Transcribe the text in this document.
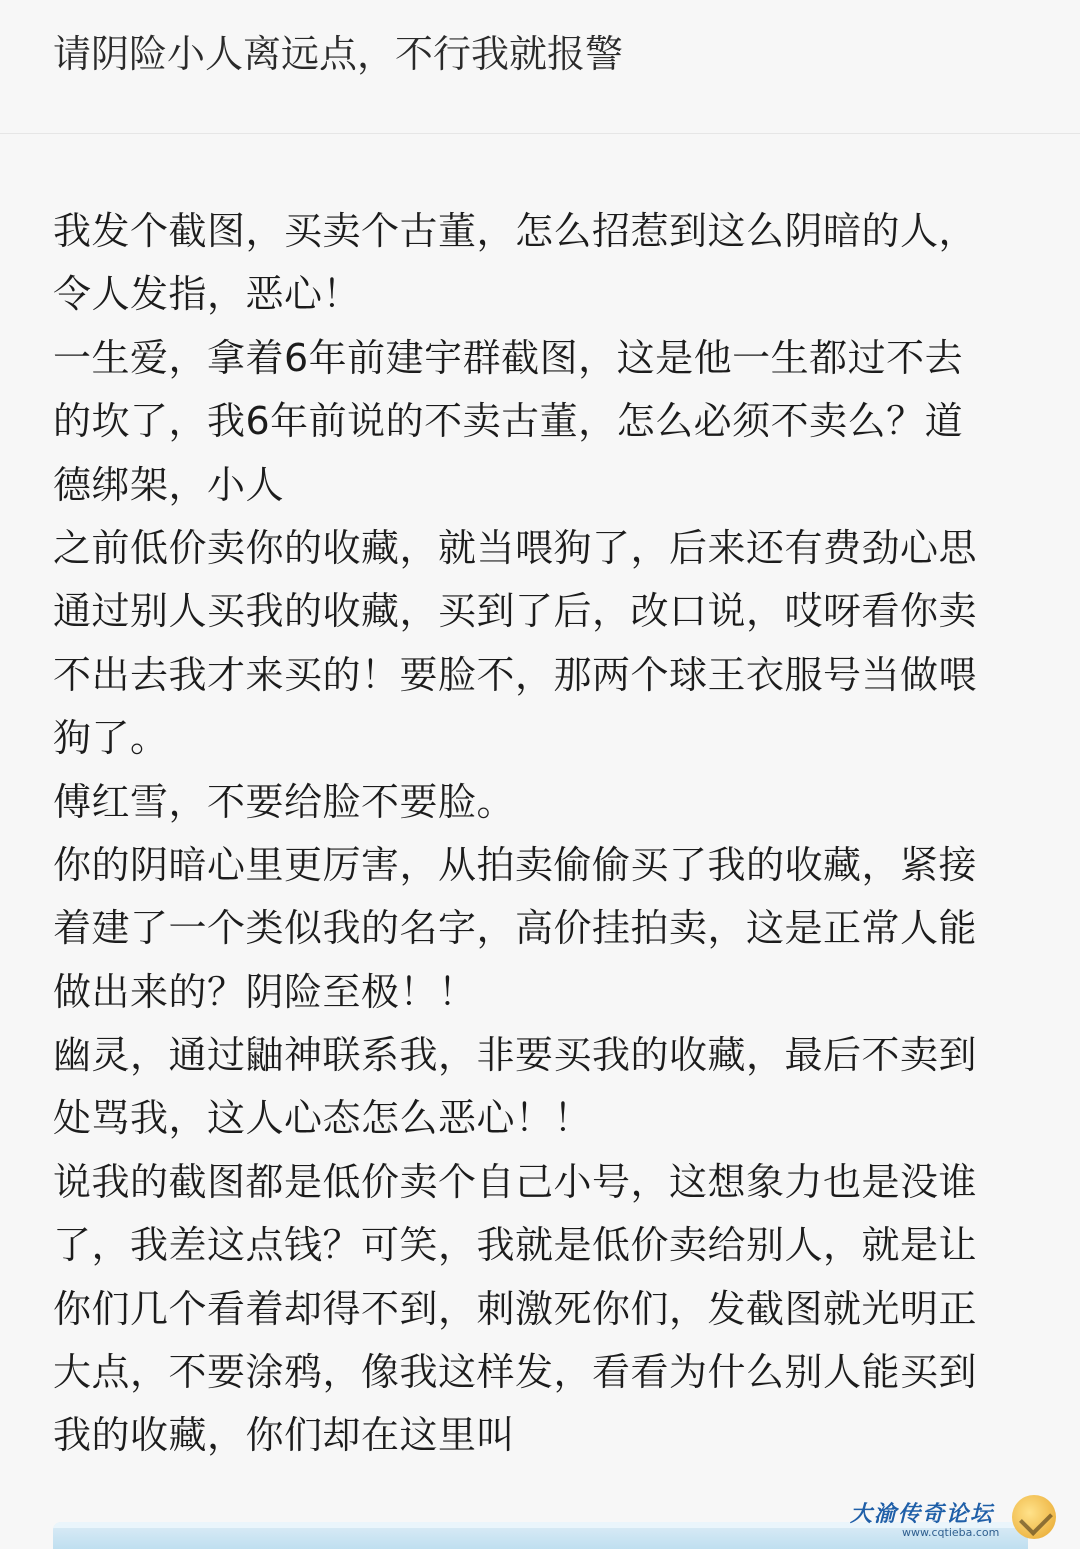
请阴险小人离远点，不行我就报警
我发个截图，买卖个古董，怎么招惹到这么阴暗的人，
令人发指，恶心！
一生爱，拿着6年前建宇群截图，这是他一生都过不去
的坎了，我6年前说的不卖古董，怎么必须不卖么？道
德绑架，小人
之前低价卖你的收藏，就当喂狗了，后来还有费劲心思
通过别人买我的收藏，买到了后，改口说，哎呀看你卖
不出去我才来买的！要脸不，那两个球王衣服号当做喂
狗了。
傅红雪，不要给脸不要脸。
你的阴暗心里更厉害，从拍卖偷偷买了我的收藏，紧接
着建了一个类似我的名字，高价挂拍卖，这是正常人能
做出来的？阴险至极！！
幽灵，通过鼬神联系我，非要买我的收藏，最后不卖到
处骂我，这人心态怎么恶心！！
说我的截图都是低价卖个自己小号，这想象力也是没谁
了，我差这点钱？可笑，我就是低价卖给别人，就是让
你们几个看着却得不到，刺激死你们，发截图就光明正
大点，不要涂鸦，像我这样发，看看为什么别人能买到
我的收藏，你们却在这里叫
大渝传奇论坛
www.cqtieba.com
